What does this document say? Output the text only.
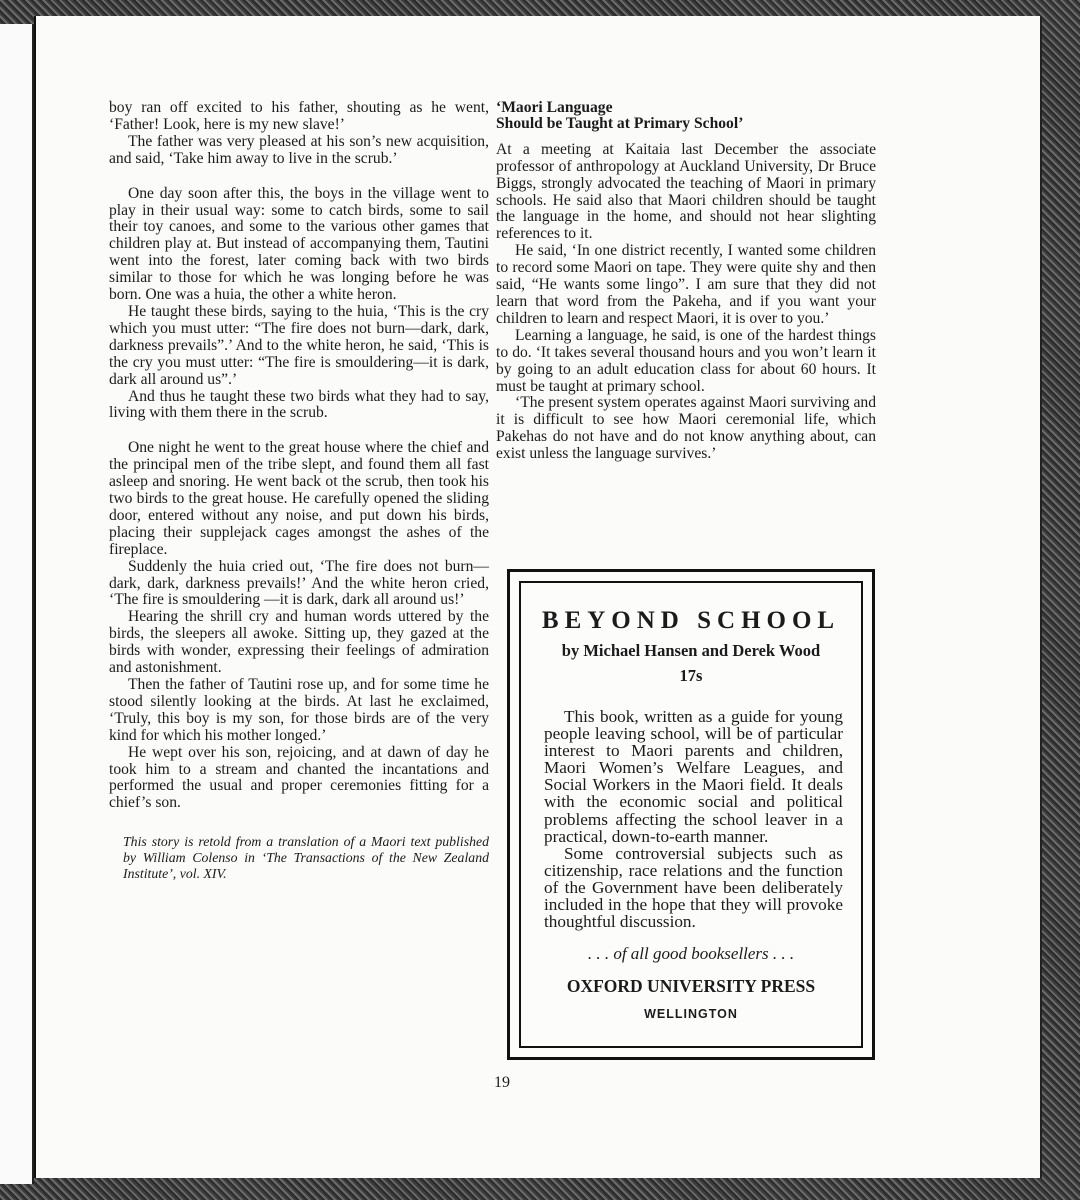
boy ran off excited to his father, shouting as he went, ‘Father! Look, here is my new slave!’

The father was very pleased at his son’s new acquisition, and said, ‘Take him away to live in the scrub.’

One day soon after this, the boys in the village went to play in their usual way: some to catch birds, some to sail their toy canoes, and some to the various other games that children play at. But instead of accompanying them, Tautini went into the forest, later coming back with two birds similar to those for which he was longing before he was born. One was a huia, the other a white heron.

He taught these birds, saying to the huia, ‘This is the cry which you must utter: “The fire does not burn—dark, dark, darkness prevails”.’ And to the white heron, he said, ‘This is the cry you must utter: “The fire is smouldering—it is dark, dark all around us”.’

And thus he taught these two birds what they had to say, living with them there in the scrub.

One night he went to the great house where the chief and the principal men of the tribe slept, and found them all fast asleep and snoring. He went back ot the scrub, then took his two birds to the great house. He carefully opened the sliding door, entered without any noise, and put down his birds, placing their supplejack cages amongst the ashes of the fireplace.

Suddenly the huia cried out, ‘The fire does not burn—dark, dark, darkness prevails!’ And the white heron cried, ‘The fire is smouldering —it is dark, dark all around us!’

Hearing the shrill cry and human words uttered by the birds, the sleepers all awoke. Sitting up, they gazed at the birds with wonder, expressing their feelings of admiration and astonishment.

Then the father of Tautini rose up, and for some time he stood silently looking at the birds. At last he exclaimed, ‘Truly, this boy is my son, for those birds are of the very kind for which his mother longed.’

He wept over his son, rejoicing, and at dawn of day he took him to a stream and chanted the incantations and performed the usual and proper ceremonies fitting for a chief’s son.

This story is retold from a translation of a Maori text published by William Colenso in ‘The Transactions of the New Zealand Institute’, vol. XIV.

‘Maori Language
Should be Taught at Primary School’

At a meeting at Kaitaia last December the associate professor of anthropology at Auckland University, Dr Bruce Biggs, strongly advocated the teaching of Maori in primary schools. He said also that Maori children should be taught the language in the home, and should not hear slighting references to it.

He said, ‘In one district recently, I wanted some children to record some Maori on tape. They were quite shy and then said, “He wants some lingo”. I am sure that they did not learn that word from the Pakeha, and if you want your children to learn and respect Maori, it is over to you.’

Learning a language, he said, is one of the hardest things to do. ‘It takes several thousand hours and you won’t learn it by going to an adult education class for about 60 hours. It must be taught at primary school.

‘The present system operates against Maori surviving and it is difficult to see how Maori ceremonial life, which Pakehas do not have and do not know anything about, can exist unless the language survives.’

BEYOND SCHOOL
by Michael Hansen and Derek Wood
17s

This book, written as a guide for young people leaving school, will be of particular interest to Maori parents and children, Maori Women’s Welfare Leagues, and Social Workers in the Maori field. It deals with the economic social and political problems affecting the school leaver in a practical, down-to-earth manner.

Some controversial subjects such as citizenship, race relations and the function of the Government have been deliberately included in the hope that they will provoke thoughtful discussion.

. . . of all good booksellers . . .
OXFORD UNIVERSITY PRESS
WELLINGTON
19
